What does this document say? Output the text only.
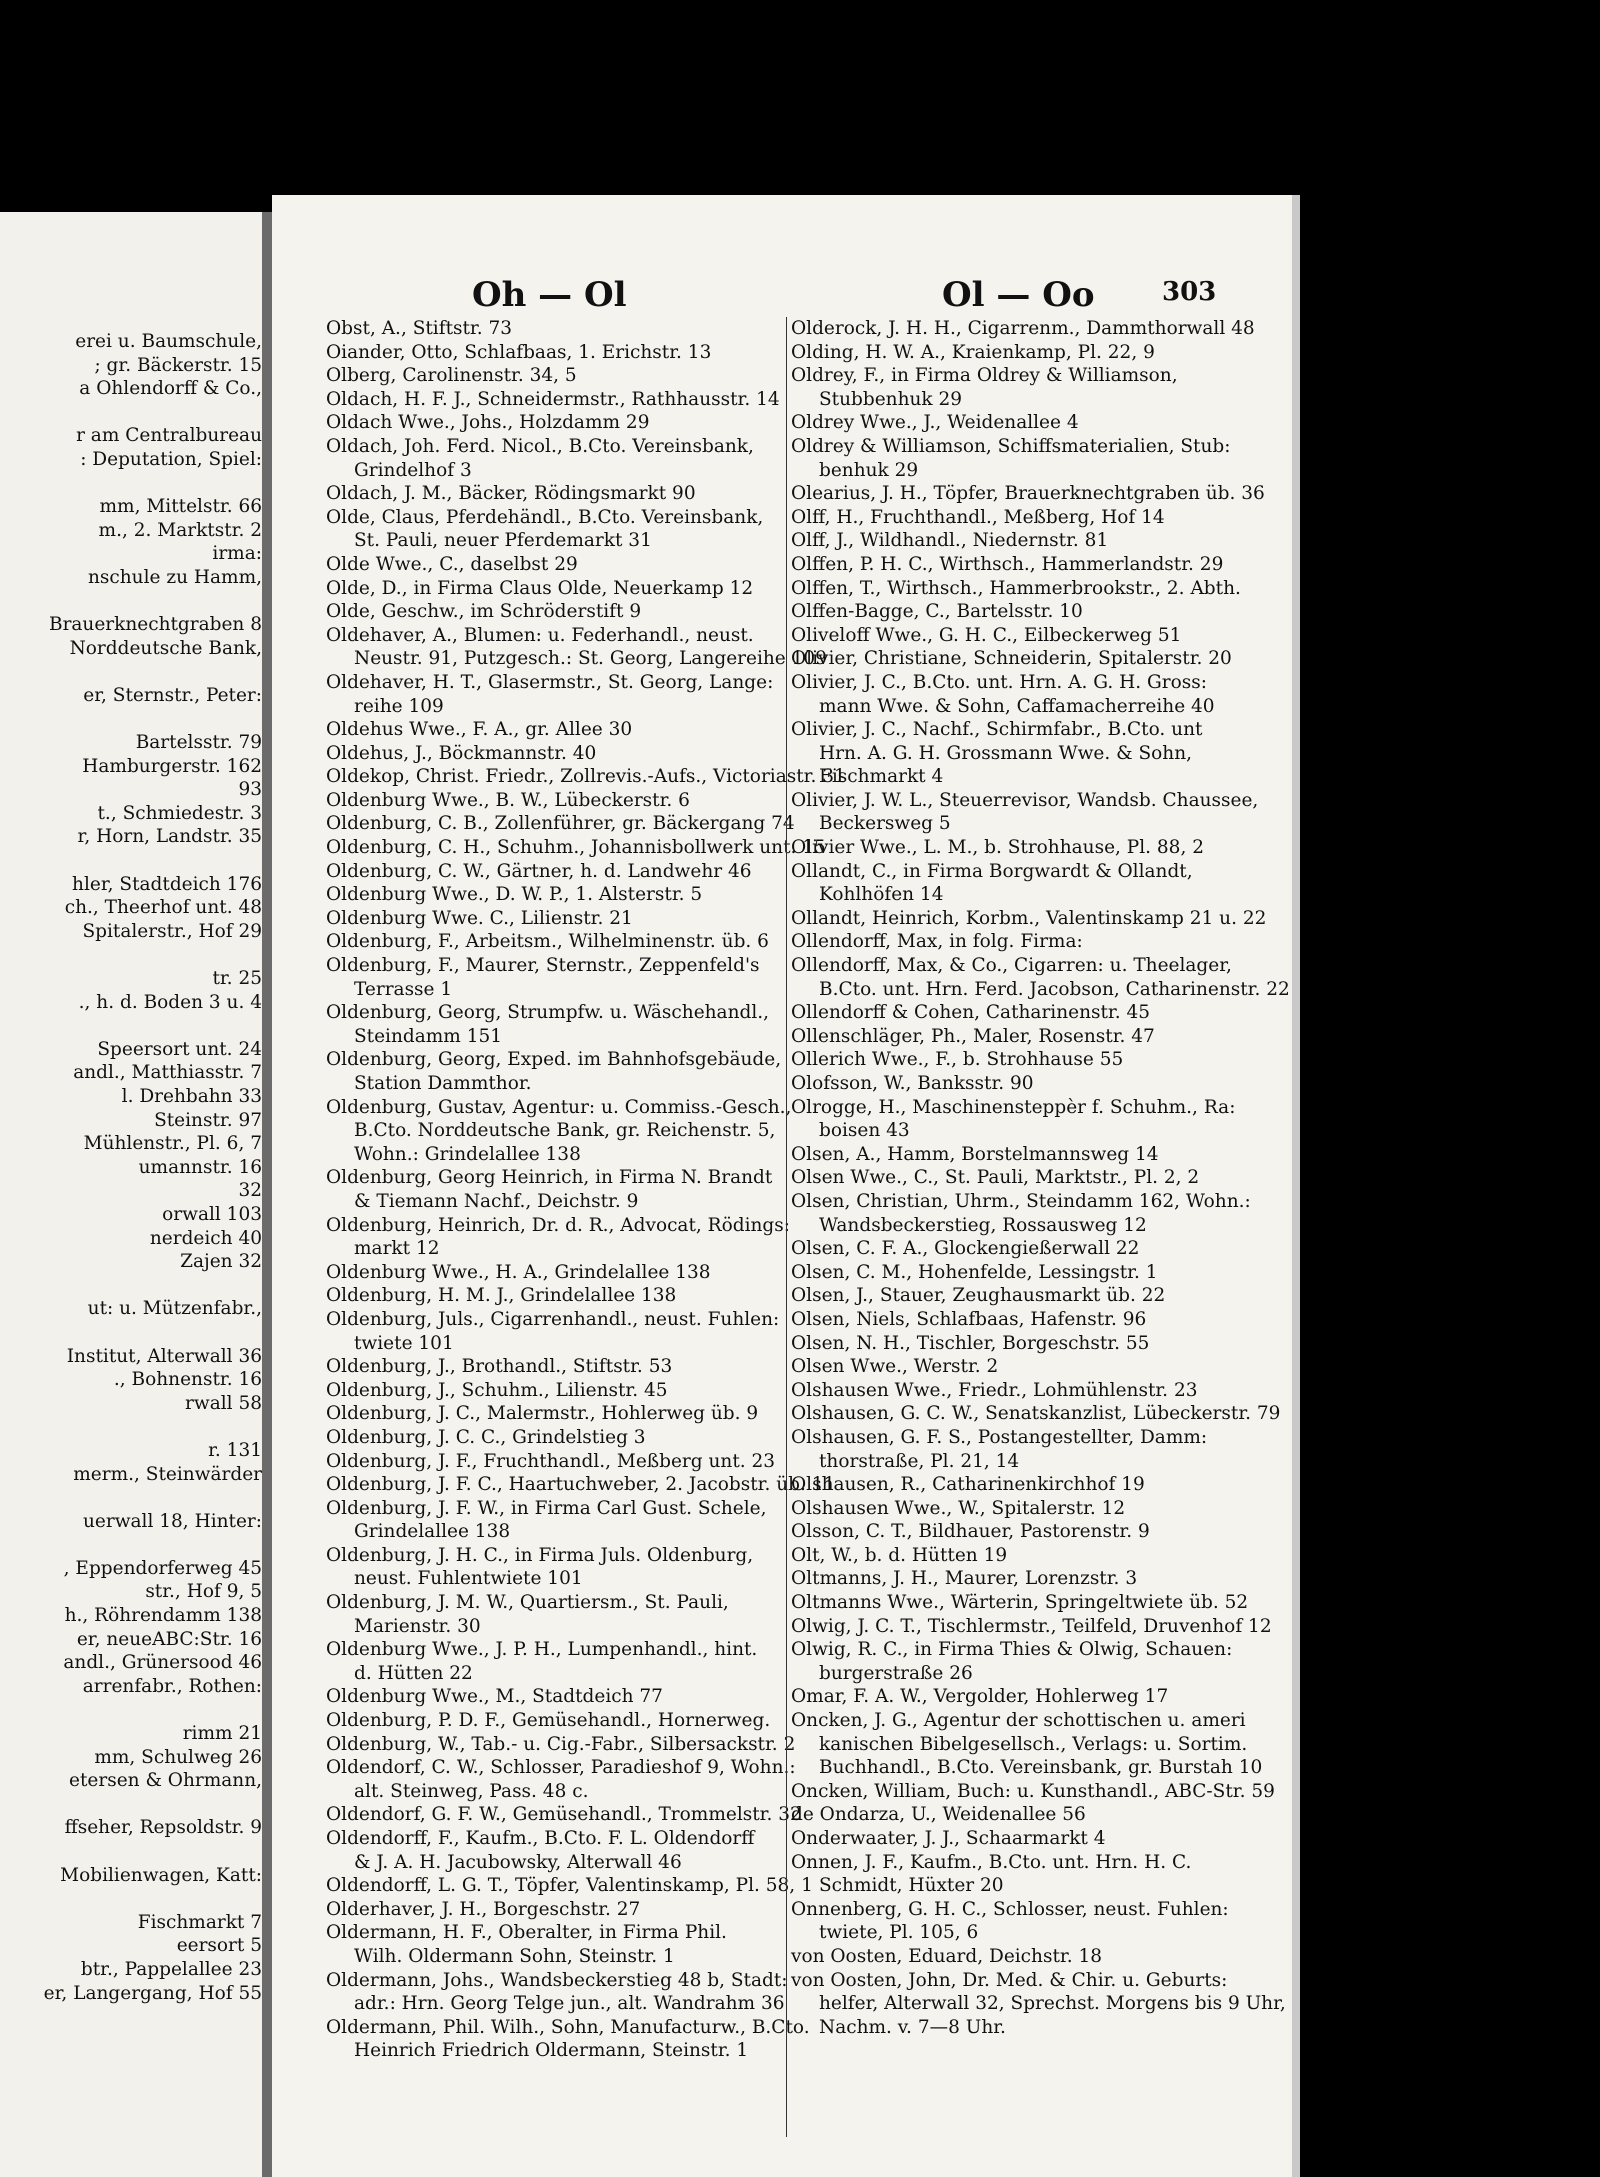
erei u. Baumschule,
; gr. Bäckerstr. 15
a Ohlendorff & Co.,
r am Centralbureau
: Deputation, Spiel:
mm, Mittelstr. 66
m., 2. Marktstr. 2
irma:
nschule zu Hamm,
Brauerknechtgraben 8
Norddeutsche Bank,
er, Sternstr., Peter:
Bartelsstr. 79
Hamburgerstr. 162
93
t., Schmiedestr. 3
r, Horn, Landstr. 35
hler, Stadtdeich 176
ch., Theerhof unt. 48
Spitalerstr., Hof 29
tr. 25
., h. d. Boden 3 u. 4
Speersort unt. 24
andl., Matthiasstr. 7
l. Drehbahn 33
Steinstr. 97
Mühlenstr., Pl. 6, 7
umannstr. 16
32
orwall 103
nerdeich 40
Zajen 32
ut: u. Mützenfabr.,
Institut, Alterwall 36
., Bohnenstr. 16
rwall 58
r. 131
merm., Steinwärder
uerwall 18, Hinter:
, Eppendorferweg 45
str., Hof 9, 5
h., Röhrendamm 138
er, neueABC:Str. 16
andl., Grünersood 46
arrenfabr., Rothen:
rimm 21
mm, Schulweg 26
etersen & Ohrmann,
ffseher, Repsoldstr. 9
Mobilienwagen, Katt:
Fischmarkt 7
eersort 5
btr., Pappelallee 23
er, Langergang, Hof 55
Oh — Ol	Ol — Oo	303
Obst, A., Stiftstr. 73
Oiander, Otto, Schlafbaas, 1. Erichstr. 13
Olberg, Carolinenstr. 34, 5
Oldach, H. F. J., Schneidermstr., Rathhausstr. 14
Oldach Wwe., Johs., Holzdamm 29
Oldach, Joh. Ferd. Nicol., B.Cto. Vereinsbank,
Grindelhof 3
Oldach, J. M., Bäcker, Rödingsmarkt 90
Olde, Claus, Pferdehändl., B.Cto. Vereinsbank,
St. Pauli, neuer Pferdemarkt 31
Olde Wwe., C., daselbst 29
Olde, D., in Firma Claus Olde, Neuerkamp 12
Olde, Geschw., im Schröderstift 9
Oldehaver, A., Blumen: u. Federhandl., neust.
Neustr. 91, Putzgesch.: St. Georg, Langereihe 109
Oldehaver, H. T., Glasermstr., St. Georg, Lange:
reihe 109
Oldehus Wwe., F. A., gr. Allee 30
Oldehus, J., Böckmannstr. 40
Oldekop, Christ. Friedr., Zollrevis.-Aufs., Victoriastr. 31
Oldenburg Wwe., B. W., Lübeckerstr. 6
Oldenburg, C. B., Zollenführer, gr. Bäckergang 74
Oldenburg, C. H., Schuhm., Johannisbollwerk unt. 15
Oldenburg, C. W., Gärtner, h. d. Landwehr 46
Oldenburg Wwe., D. W. P., 1. Alsterstr. 5
Oldenburg Wwe. C., Lilienstr. 21
Oldenburg, F., Arbeitsm., Wilhelminenstr. üb. 6
Oldenburg, F., Maurer, Sternstr., Zeppenfeld's
Terrasse 1
Oldenburg, Georg, Strumpfw. u. Wäschehandl.,
Steindamm 151
Oldenburg, Georg, Exped. im Bahnhofsgebäude,
Station Dammthor.
Oldenburg, Gustav, Agentur: u. Commiss.-Gesch.,
B.Cto. Norddeutsche Bank, gr. Reichenstr. 5,
Wohn.: Grindelallee 138
Oldenburg, Georg Heinrich, in Firma N. Brandt
& Tiemann Nachf., Deichstr. 9
Oldenburg, Heinrich, Dr. d. R., Advocat, Rödings:
markt 12
Oldenburg Wwe., H. A., Grindelallee 138
Oldenburg, H. M. J., Grindelallee 138
Oldenburg, Juls., Cigarrenhandl., neust. Fuhlen:
twiete 101
Oldenburg, J., Brothandl., Stiftstr. 53
Oldenburg, J., Schuhm., Lilienstr. 45
Oldenburg, J. C., Malermstr., Hohlerweg üb. 9
Oldenburg, J. C. C., Grindelstieg 3
Oldenburg, J. F., Fruchthandl., Meßberg unt. 23
Oldenburg, J. F. C., Haartuchweber, 2. Jacobstr. üb. 11
Oldenburg, J. F. W., in Firma Carl Gust. Schele,
Grindelallee 138
Oldenburg, J. H. C., in Firma Juls. Oldenburg,
neust. Fuhlentwiete 101
Oldenburg, J. M. W., Quartiersm., St. Pauli,
Marienstr. 30
Oldenburg Wwe., J. P. H., Lumpenhandl., hint.
d. Hütten 22
Oldenburg Wwe., M., Stadtdeich 77
Oldenburg, P. D. F., Gemüsehandl., Hornerweg.
Oldenburg, W., Tab.- u. Cig.-Fabr., Silbersackstr. 2
Oldendorf, C. W., Schlosser, Paradieshof 9, Wohn.:
alt. Steinweg, Pass. 48 c.
Oldendorf, G. F. W., Gemüsehandl., Trommelstr. 32
Oldendorff, F., Kaufm., B.Cto. F. L. Oldendorff
& J. A. H. Jacubowsky, Alterwall 46
Oldendorff, L. G. T., Töpfer, Valentinskamp, Pl. 58, 1
Olderhaver, J. H., Borgeschstr. 27
Oldermann, H. F., Oberalter, in Firma Phil.
Wilh. Oldermann Sohn, Steinstr. 1
Oldermann, Johs., Wandsbeckerstieg 48 b, Stadt:
adr.: Hrn. Georg Telge jun., alt. Wandrahm 36
Oldermann, Phil. Wilh., Sohn, Manufacturw., B.Cto.
Heinrich Friedrich Oldermann, Steinstr. 1
Olderock, J. H. H., Cigarrenm., Dammthorwall 48
Olding, H. W. A., Kraienkamp, Pl. 22, 9
Oldrey, F., in Firma Oldrey & Williamson,
Stubbenhuk 29
Oldrey Wwe., J., Weidenallee 4
Oldrey & Williamson, Schiffsmaterialien, Stub:
benhuk 29
Olearius, J. H., Töpfer, Brauerknechtgraben üb. 36
Olff, H., Fruchthandl., Meßberg, Hof 14
Olff, J., Wildhandl., Niedernstr. 81
Olffen, P. H. C., Wirthsch., Hammerlandstr. 29
Olffen, T., Wirthsch., Hammerbrookstr., 2. Abth.
Olffen-Bagge, C., Bartelsstr. 10
Oliveloff Wwe., G. H. C., Eilbeckerweg 51
Olivier, Christiane, Schneiderin, Spitalerstr. 20
Olivier, J. C., B.Cto. unt. Hrn. A. G. H. Gross:
mann Wwe. & Sohn, Caffamacherreihe 40
Olivier, J. C., Nachf., Schirmfabr., B.Cto. unt
Hrn. A. G. H. Grossmann Wwe. & Sohn,
Fischmarkt 4
Olivier, J. W. L., Steuerrevisor, Wandsb. Chaussee,
Beckersweg 5
Olivier Wwe., L. M., b. Strohhause, Pl. 88, 2
Ollandt, C., in Firma Borgwardt & Ollandt,
Kohlhöfen 14
Ollandt, Heinrich, Korbm., Valentinskamp 21 u. 22
Ollendorff, Max, in folg. Firma:
Ollendorff, Max, & Co., Cigarren: u. Theelager,
B.Cto. unt. Hrn. Ferd. Jacobson, Catharinenstr. 22
Ollendorff & Cohen, Catharinenstr. 45
Ollenschläger, Ph., Maler, Rosenstr. 47
Ollerich Wwe., F., b. Strohhause 55
Olofsson, W., Banksstr. 90
Olrogge, H., Maschinensteppèr f. Schuhm., Ra:
boisen 43
Olsen, A., Hamm, Borstelmannsweg 14
Olsen Wwe., C., St. Pauli, Marktstr., Pl. 2, 2
Olsen, Christian, Uhrm., Steindamm 162, Wohn.:
Wandsbeckerstieg, Rossausweg 12
Olsen, C. F. A., Glockengießerwall 22
Olsen, C. M., Hohenfelde, Lessingstr. 1
Olsen, J., Stauer, Zeughausmarkt üb. 22
Olsen, Niels, Schlafbaas, Hafenstr. 96
Olsen, N. H., Tischler, Borgeschstr. 55
Olsen Wwe., Werstr. 2
Olshausen Wwe., Friedr., Lohmühlenstr. 23
Olshausen, G. C. W., Senatskanzlist, Lübeckerstr. 79
Olshausen, G. F. S., Postangestellter, Damm:
thorstraße, Pl. 21, 14
Olshausen, R., Catharinenkirchhof 19
Olshausen Wwe., W., Spitalerstr. 12
Olsson, C. T., Bildhauer, Pastorenstr. 9
Olt, W., b. d. Hütten 19
Oltmanns, J. H., Maurer, Lorenzstr. 3
Oltmanns Wwe., Wärterin, Springeltwiete üb. 52
Olwig, J. C. T., Tischlermstr., Teilfeld, Druvenhof 12
Olwig, R. C., in Firma Thies & Olwig, Schauen:
burgerstraße 26
Omar, F. A. W., Vergolder, Hohlerweg 17
Oncken, J. G., Agentur der schottischen u. ameri
kanischen Bibelgesellsch., Verlags: u. Sortim.
Buchhandl., B.Cto. Vereinsbank, gr. Burstah 10
Oncken, William, Buch: u. Kunsthandl., ABC-Str. 59
de Ondarza, U., Weidenallee 56
Onderwaater, J. J., Schaarmarkt 4
Onnen, J. F., Kaufm., B.Cto. unt. Hrn. H. C.
Schmidt, Hüxter 20
Onnenberg, G. H. C., Schlosser, neust. Fuhlen:
twiete, Pl. 105, 6
von Oosten, Eduard, Deichstr. 18
von Oosten, John, Dr. Med. & Chir. u. Geburts:
helfer, Alterwall 32, Sprechst. Morgens bis 9 Uhr,
Nachm. v. 7—8 Uhr.
